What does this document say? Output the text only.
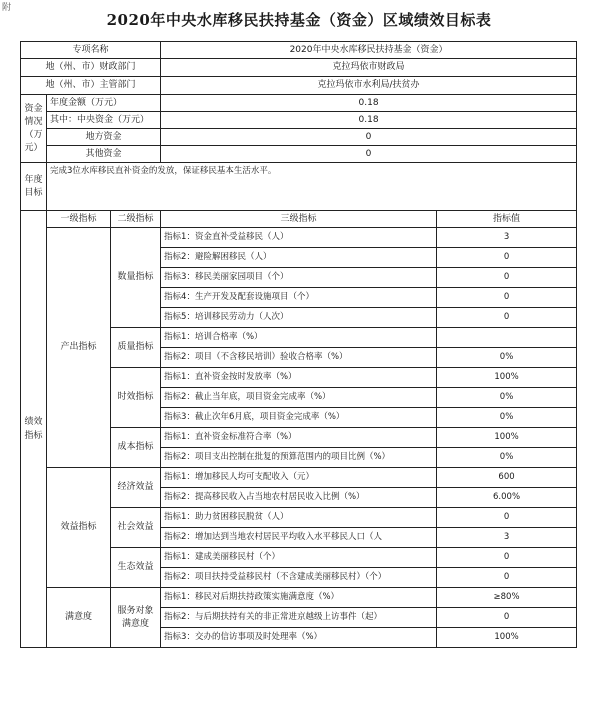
附
2020年中央水库移民扶持基金（资金）区域绩效目标表
专项名称			2020年中央水库移民扶持基金（资金）	
地（州、市）财政部门			克拉玛依市财政局	
地（州、市）主管部门			克拉玛依市水利局/扶贫办	
资金情况（万元）	年度金额（万元）		0.18	
	其中：中央资金（万元）		0.18	
	地方资金		0	
	其他资金		0	
年度目标	完成3位水库移民直补资金的发放，保证移民基本生活水平。			
绩效指标	一级指标	二级指标	三级指标	指标值
	产出指标	数量指标	指标1：资金直补受益移民（人）	3
			指标2：避险解困移民（人）	0
			指标3：移民美丽家园项目（个）	0
			指标4：生产开发及配套设施项目（个）	0
			指标5：培训移民劳动力（人次）	0
		质量指标	指标1：培训合格率（%）	
			指标2：项目（不含移民培训）验收合格率（%）	0%
		时效指标	指标1：直补资金按时发放率（%）	100%
			指标2：截止当年底，项目资金完成率（%）	0%
			指标3：截止次年6月底，项目资金完成率（%）	0%
		成本指标	指标1：直补资金标准符合率（%）	100%
			指标2：项目支出控制在批复的预算范围内的项目比例（%）	0%
	效益指标	经济效益	指标1：增加移民人均可支配收入（元）	600
			指标2：提高移民收入占当地农村居民收入比例（%）	6.00%
		社会效益	指标1：助力贫困移民脱贫（人）	0
			指标2：增加达到当地农村居民平均收入水平移民人口（人	3
		生态效益	指标1：建成美丽移民村（个）	0
			指标2：项目扶持受益移民村（不含建成美丽移民村）（个）	0
	满意度	服务对象满意度	指标1：移民对后期扶持政策实施满意度（%）	≥80%
			指标2：与后期扶持有关的非正常进京越级上访事件（起）	0
			指标3：交办的信访事项及时处理率（%）	100%
